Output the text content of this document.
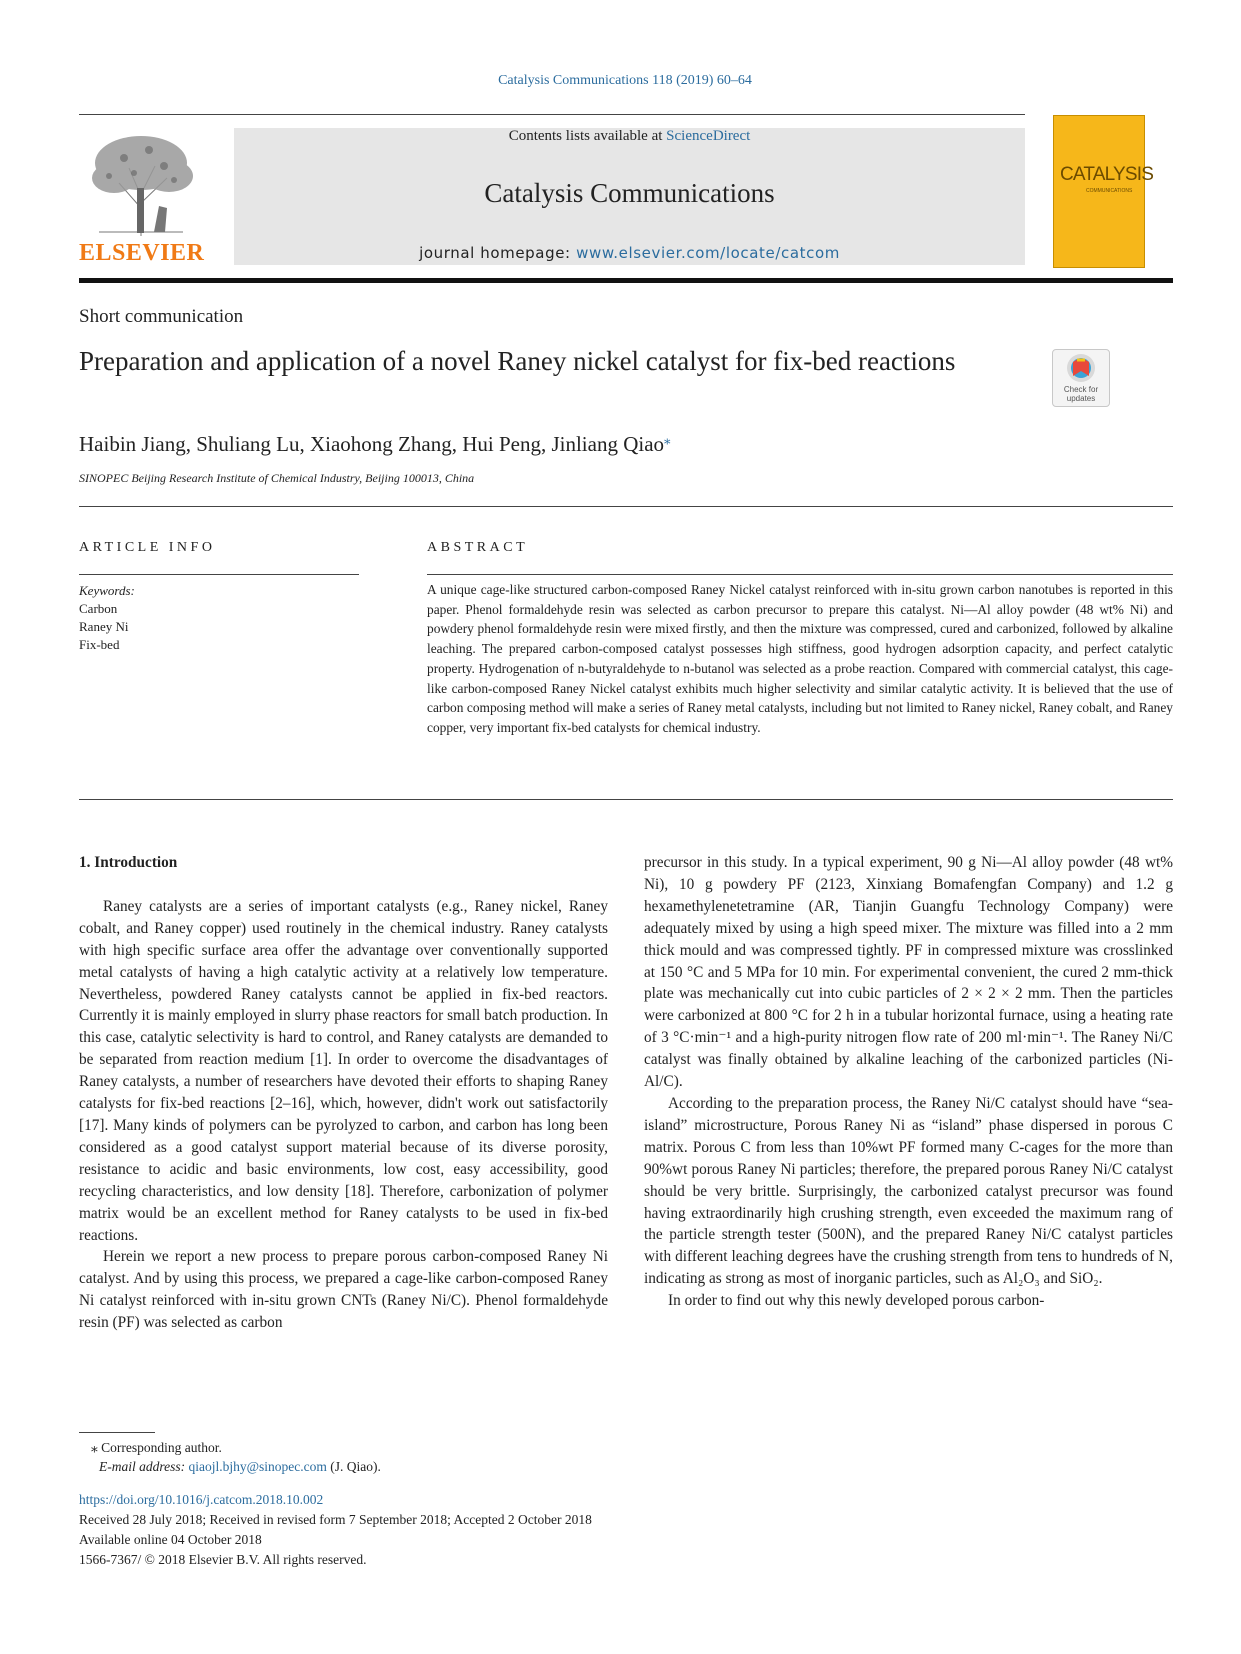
Catalysis Communications 118 (2019) 60–64
ELSEVIER
Contents lists available at ScienceDirect
Catalysis Communications
journal homepage: www.elsevier.com/locate/catcom
CATALYSIS
COMMUNICATIONS
Short communication
Preparation and application of a novel Raney nickel catalyst for fix-bed reactions
Check for updates
Haibin Jiang, Shuliang Lu, Xiaohong Zhang, Hui Peng, Jinliang Qiao⁎
SINOPEC Beijing Research Institute of Chemical Industry, Beijing 100013, China
ARTICLE INFO	ABSTRACT
Keywords:
Carbon
Raney Ni
Fix-bed
A unique cage-like structured carbon-composed Raney Nickel catalyst reinforced with in-situ grown carbon nanotubes is reported in this paper. Phenol formaldehyde resin was selected as carbon precursor to prepare this catalyst. Ni—Al alloy powder (48 wt% Ni) and powdery phenol formaldehyde resin were mixed firstly, and then the mixture was compressed, cured and carbonized, followed by alkaline leaching. The prepared carbon-composed catalyst possesses high stiffness, good hydrogen adsorption capacity, and perfect catalytic property. Hydrogenation of n-butyraldehyde to n-butanol was selected as a probe reaction. Compared with commercial catalyst, this cage-like carbon-composed Raney Nickel catalyst exhibits much higher selectivity and similar catalytic activity. It is believed that the use of carbon composing method will make a series of Raney metal catalysts, including but not limited to Raney nickel, Raney cobalt, and Raney copper, very important fix-bed catalysts for chemical industry.

1. Introduction

Raney catalysts are a series of important catalysts (e.g., Raney nickel, Raney cobalt, and Raney copper) used routinely in the chemical industry. Raney catalysts with high specific surface area offer the advantage over conventionally supported metal catalysts of having a high catalytic activity at a relatively low temperature. Nevertheless, powdered Raney catalysts cannot be applied in fix-bed reactors. Currently it is mainly employed in slurry phase reactors for small batch production. In this case, catalytic selectivity is hard to control, and Raney catalysts are demanded to be separated from reaction medium [1]. In order to overcome the disadvantages of Raney catalysts, a number of researchers have devoted their efforts to shaping Raney catalysts for fix-bed reactions [2–16], which, however, didn't work out satisfactorily [17]. Many kinds of polymers can be pyrolyzed to carbon, and carbon has long been considered as a good catalyst support material because of its diverse porosity, resistance to acidic and basic environments, low cost, easy accessibility, good recycling characteristics, and low density [18]. Therefore, carbonization of polymer matrix would be an excellent method for Raney catalysts to be used in fix-bed reactions.

Herein we report a new process to prepare porous carbon-composed Raney Ni catalyst. And by using this process, we prepared a cage-like carbon-composed Raney Ni catalyst reinforced with in-situ grown CNTs (Raney Ni/C). Phenol formaldehyde resin (PF) was selected as carbon

precursor in this study. In a typical experiment, 90 g Ni—Al alloy powder (48 wt% Ni), 10 g powdery PF (2123, Xinxiang Bomafengfan Company) and 1.2 g hexamethylenetetramine (AR, Tianjin Guangfu Technology Company) were adequately mixed by using a high speed mixer. The mixture was filled into a 2 mm thick mould and was compressed tightly. PF in compressed mixture was crosslinked at 150 °C and 5 MPa for 10 min. For experimental convenient, the cured 2 mm-thick plate was mechanically cut into cubic particles of 2 × 2 × 2 mm. Then the particles were carbonized at 800 °C for 2 h in a tubular horizontal furnace, using a heating rate of 3 °C·min⁻¹ and a high-purity nitrogen flow rate of 200 ml·min⁻¹. The Raney Ni/C catalyst was finally obtained by alkaline leaching of the carbonized particles (Ni-Al/C).

According to the preparation process, the Raney Ni/C catalyst should have “sea-island” microstructure, Porous Raney Ni as “island” phase dispersed in porous C matrix. Porous C from less than 10%wt PF formed many C-cages for the more than 90%wt porous Raney Ni particles; therefore, the prepared porous Raney Ni/C catalyst should be very brittle. Surprisingly, the carbonized catalyst precursor was found having extraordinarily high crushing strength, even exceeded the maximum rang of the particle strength tester (500N), and the prepared Raney Ni/C catalyst particles with different leaching degrees have the crushing strength from tens to hundreds of N, indicating as strong as most of inorganic particles, such as Al₂O₃ and SiO₂.

In order to find out why this newly developed porous carbon-

⁎ Corresponding author.
E-mail address: qiaojl.bjhy@sinopec.com (J. Qiao).
https://doi.org/10.1016/j.catcom.2018.10.002
Received 28 July 2018; Received in revised form 7 September 2018; Accepted 2 October 2018
Available online 04 October 2018
1566-7367/ © 2018 Elsevier B.V. All rights reserved.
